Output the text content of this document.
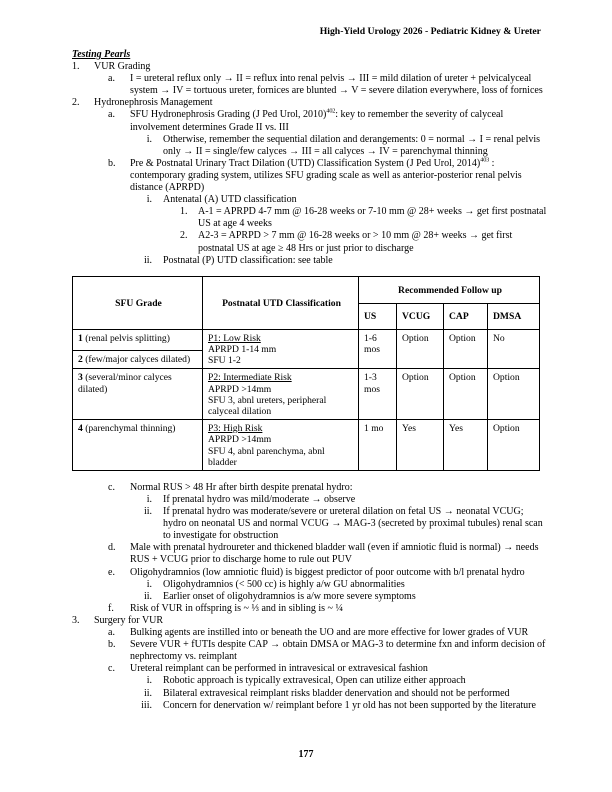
High-Yield Urology 2026 - Pediatric Kidney & Ureter
Testing Pearls
1.	VUR Grading
a.	I = ureteral reflux only → II = reflux into renal pelvis → III = mild dilation of ureter + pelvicalyceal system → IV = tortuous ureter, fornices are blunted → V = severe dilation everywhere, loss of fornices
2.	Hydronephrosis Management
a.	SFU Hydronephrosis Grading (J Ped Urol, 2010)$^{402}$: key to remember the severity of calyceal involvement determines Grade II vs. III
i. Otherwise, remember the sequential dilation and derangements: 0 = normal → I = renal pelvis only → II = single/few calyces → III = all calyces → IV = parenchymal thinning
b.	Pre & Postnatal Urinary Tract Dilation (UTD) Classification System (J Ped Urol, 2014)$^{403}$ : contemporary grading system, utilizes SFU grading scale as well as anterior-posterior renal pelvis distance (APRPD)
i. Antenatal (A) UTD classification
1.	A-1 = APRPD 4-7 mm @ 16-28 weeks or 7-10 mm @ 28+ weeks → get first postnatal US at age 4 weeks
2.	A2-3 = APRPD > 7 mm @ 16-28 weeks or > 10 mm @ 28+ weeks → get first postnatal US at age ≥ 48 Hrs or just prior to discharge
ii. Postnatal (P) UTD classification: see table
SFU Grade	Postnatal UTD Classification	Recommended Follow up			
		US	VCUG	CAP	DMSA
1 (renal pelvis splitting)	P1: Low Risk
APRPD 1-14 mm
SFU 1-2	1-6 mos	Option	Option	No
2 (few/major calyces dilated)					
3 (several/minor calyces dilated)	P2: Intermediate Risk
APRPD >14mm
SFU 3, abnl ureters, peripheral calyceal dilation	1-3 mos	Option	Option	Option
4 (parenchymal thinning)	P3: High Risk
APRPD >14mm
SFU 4, abnl parenchyma, abnl bladder	1 mo	Yes	Yes	Option
c.	Normal RUS > 48 Hr after birth despite prenatal hydro:
i. If prenatal hydro was mild/moderate → observe
ii. If prenatal hydro was moderate/severe or ureteral dilation on fetal US → neonatal VCUG; hydro on neonatal US and normal VCUG → MAG-3 (secreted by proximal tubules) renal scan to investigate for obstruction
d.	Male with prenatal hydroureter and thickened bladder wall (even if amniotic fluid is normal) → needs RUS + VCUG prior to discharge home to rule out PUV
e.	Oligohydramnios (low amniotic fluid) is biggest predictor of poor outcome with b/l prenatal hydro
i. Oligohydramnios (< 500 cc) is highly a/w GU abnormalities
ii. Earlier onset of oligohydramnios is a/w more severe symptoms
f.	Risk of VUR in offspring is ~ ⅓ and in sibling is ~ ¼
3.	Surgery for VUR
a.	Bulking agents are instilled into or beneath the UO and are more effective for lower grades of VUR
b.	Severe VUR + fUTIs despite CAP → obtain DMSA or MAG-3 to determine fxn and inform decision of nephrectomy vs. reimplant
c.	Ureteral reimplant can be performed in intravesical or extravesical fashion
i. Robotic approach is typically extravesical, Open can utilize either approach
ii. Bilateral extravesical reimplant risks bladder denervation and should not be performed
iii. Concern for denervation w/ reimplant before 1 yr old has not been supported by the literature
177
